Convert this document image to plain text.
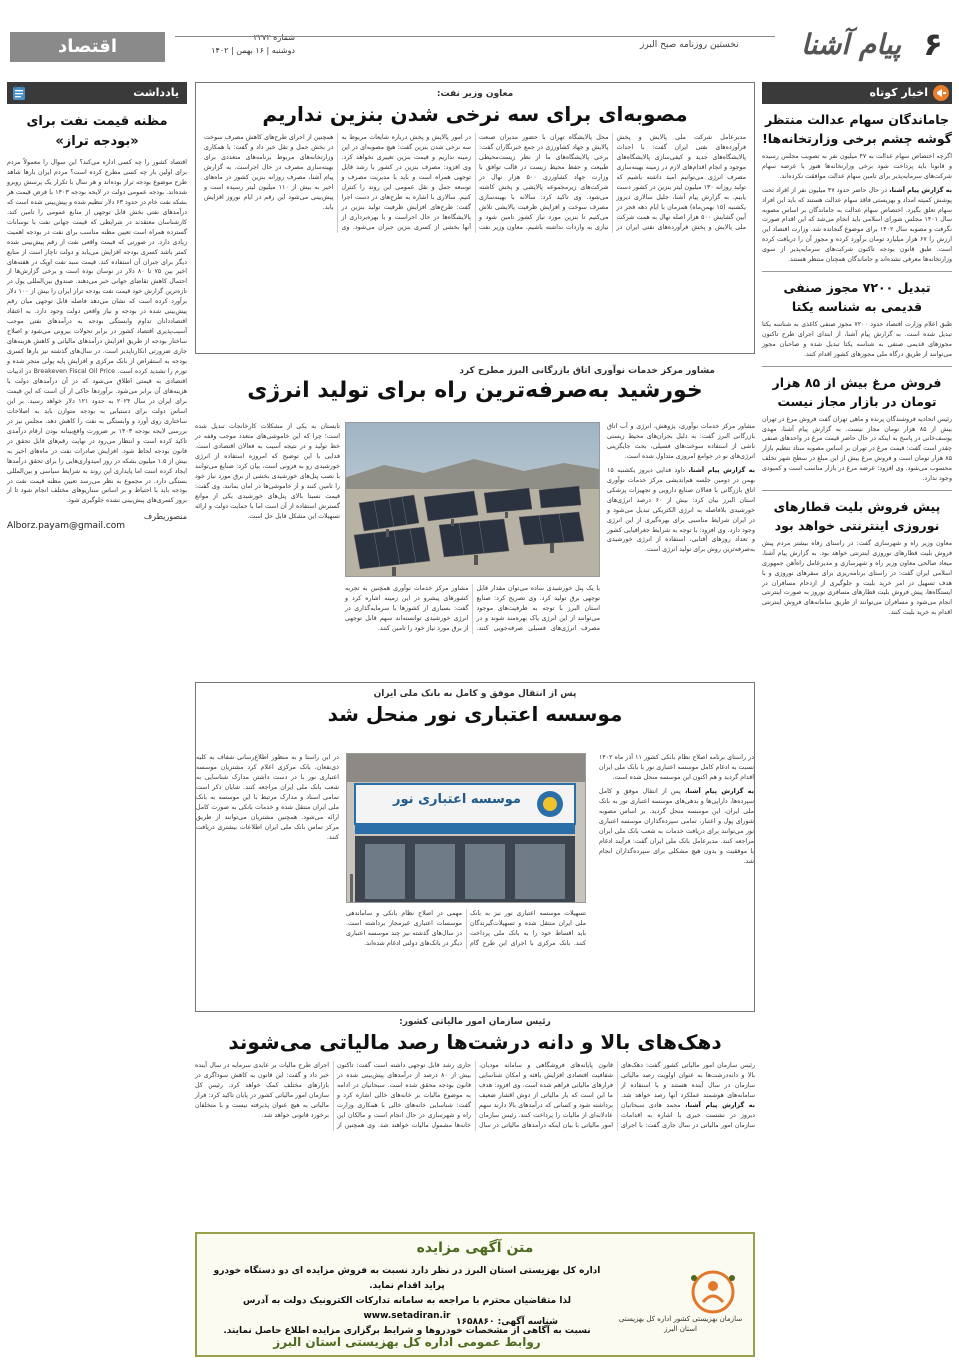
اقتصاد	شماره ۲۲۷۲
دوشنبه | ۱۶ بهمن | ۱۴۰۲
نخستین روزنامه صبح البرز	پیام آشنا ۶
اخبار کوتاه
جاماندگان سهام عدالت منتظر گوشه چشم برخی وزارتخانه‌ها!
اگرچه اختصاص سهام عدالت به ۴۷ میلیون نفر به تصویب مجلس رسیده و قانونا باید پرداخت شود برخی وزارتخانه‌ها هنوز با عرضه سهام شرکت‌های سرمایه‌پذیر برای تامین سهام عدالت موافقت نکرده‌اند.
به گزارش پیام آشنا، در حال حاضر حدود ۴۷ میلیون نفر از افراد تحت پوشش کمیته امداد و بهزیستی فاقد سهام عدالت هستند که باید این افراد سهام تعلق بگیرد. اختصاص سهام عدالت به جاماندگان بر اساس مصوبه سال ۱۴۰۱ مجلس شورای اسلامی باید انجام می‌شد که این اقدام صورت نگرفت و مصوبه سال ۱۴۰۲ برای موضوع گنجانده شد. وزارت اقتصاد این ارزش را ۶۷ هزار میلیارد تومان برآورد کرده و مجوز آن را دریافت کرده است. طبق قانون بودجه تاکنون شرکت‌های سرمایه‌پذیر از سوی وزارتخانه‌ها معرفی نشده‌اند و جاماندگان همچنان منتظر هستند.
تبدیل ۷۲۰۰ مجوز صنفی قدیمی به شناسه یکتا
طبق اعلام وزارت اقتصاد حدود ۷۲۰۰ مجوز صنفی کاغذی به شناسه یکتا تبدیل شده است. به گزارش پیام آشنا، از ابتدای اجرای طرح تاکنون مجوزهای قدیمی صنفی به شناسه یکتا تبدیل شده و صاحبان مجوز می‌توانند از طریق درگاه ملی مجوزهای کشور اقدام کنند.
فروش مرغ بیش از ۸۵ هزار تومان در بازار مجاز نیست
رئیس اتحادیه فروشندگان پرنده و ماهی تهران گفت فروش مرغ در تهران بیش از ۸۵ هزار تومان مجاز نیست. به گزارش پیام آشنا، مهدی یوسف‌خانی در پاسخ به اینکه در حال حاضر قیمت مرغ در واحدهای صنفی چقدر است گفت: قیمت مرغ در تهران بر اساس مصوبه ستاد تنظیم بازار ۸۵ هزار تومان است و فروش مرغ بیش از این مبلغ در سطح شهر تخلف محسوب می‌شود. وی افزود: عرضه مرغ در بازار مناسب است و کمبودی وجود ندارد.
پیش فروش بلیت قطارهای نوروزی اینترنتی خواهد بود
معاون وزیر راه و شهرسازی گفت: در راستای رفاه بیشتر مردم پیش فروش بلیت قطارهای نوروزی اینترنتی خواهد بود. به گزارش پیام آشنا، میعاد صالحی معاون وزیر راه و شهرسازی و مدیرعامل راه‌آهن جمهوری اسلامی ایران گفت: در راستای برنامه‌ریزی برای سفرهای نوروزی و با هدف تسهیل در امر خرید بلیت و جلوگیری از ازدحام مسافران در ایستگاه‌ها، پیش فروش بلیت قطارهای مسافری نوروز به صورت اینترنتی انجام می‌شود و مسافران می‌توانند از طریق سامانه‌های فروش اینترنتی اقدام به خرید بلیت کنند.
یادداشت
مظنه قیمت نفت برای «بودجه تراز»
اقتصاد کشور را چه کسی اداره می‌کند؟ این سوال را معمولاً مردم برای اولین بار چه کسی مطرح کرده است؟ مردم ایران بارها شاهد طرح موضوع بودجه تراز بوده‌اند و هر سال با تکرار یک پرسش روبرو شده‌اند. بودجه عمومی دولت در لایحه بودجه ۱۴۰۳ با فرض قیمت هر بشکه نفت خام در حدود ۶۳ دلار تنظیم شده و پیش‌بینی شده است که درآمدهای نفتی بخش قابل توجهی از منابع عمومی را تامین کند. کارشناسان معتقدند در شرایطی که قیمت جهانی نفت با نوسانات گسترده همراه است تعیین مظنه مناسب برای نفت در بودجه اهمیت زیادی دارد. در صورتی که قیمت واقعی نفت از رقم پیش‌بینی شده کمتر باشد کسری بودجه افزایش می‌یابد و دولت ناچار است از منابع دیگر برای جبران آن استفاده کند. قیمت سبد نفت اوپک در هفته‌های اخیر بین ۷۵ تا ۸۰ دلار در نوسان بوده است و برخی گزارش‌ها از احتمال کاهش تقاضای جهانی خبر می‌دهند. صندوق بین‌المللی پول در تازه‌ترین گزارش خود قیمت نفت بودجه تراز ایران را بیش از ۱۰۰ دلار برآورد کرده است که نشان می‌دهد فاصله قابل توجهی میان رقم پیش‌بینی شده در بودجه و نیاز واقعی دولت وجود دارد. به اعتقاد اقتصاددانان تداوم وابستگی بودجه به درآمدهای نفتی موجب آسیب‌پذیری اقتصاد کشور در برابر تحولات بیرونی می‌شود و اصلاح ساختار بودجه از طریق افزایش درآمدهای مالیاتی و کاهش هزینه‌های جاری ضرورتی انکارناپذیر است. در سال‌های گذشته نیز بارها کسری بودجه به استقراض از بانک مرکزی و افزایش پایه پولی منجر شده و تورم را تشدید کرده است. Breakeven Fiscal Oil Price در ادبیات اقتصادی به قیمتی اطلاق می‌شود که در آن درآمدهای دولت با هزینه‌های آن برابر می‌شود. برآوردها حاکی از آن است که این قیمت برای ایران در سال ۲۰۲۴ به حدود ۱۲۱ دلار خواهد رسید. بر این اساس دولت برای دستیابی به بودجه متوازن باید به اصلاحات ساختاری روی آورد و وابستگی به نفت را کاهش دهد. مجلس نیز در بررسی لایحه بودجه ۱۴۰۳ بر ضرورت واقع‌بینانه بودن ارقام درآمدی تاکید کرده است و انتظار می‌رود در نهایت رقم‌های قابل تحقق در قانون بودجه لحاظ شود. افزایش صادرات نفت در ماه‌های اخیر به بیش از ۱.۵ میلیون بشکه در روز امیدواری‌هایی را برای تحقق درآمدها ایجاد کرده است اما پایداری این روند به شرایط سیاسی و بین‌المللی بستگی دارد. در مجموع به نظر می‌رسد تعیین مظنه قیمت نفت در بودجه باید با احتیاط و بر اساس سناریوهای مختلف انجام شود تا از بروز کسری‌های پیش‌بینی نشده جلوگیری شود.
منصوریطرف
Alborz.payam@gmail.com
معاون وزیر نفت:
مصوبه‌ای برای سه نرخی شدن بنزین نداریم
مدیرعامل شرکت ملی پالایش و پخش فرآورده‌های نفتی ایران گفت: با احداث پالایشگاه‌های جدید و کیفی‌سازی پالایشگاه‌های موجود و انجام اقدام‌های لازم در زمینه بهینه‌سازی مصرف انرژی می‌توانیم امید داشته باشیم که تولید روزانه ۱۳۰ میلیون لیتر بنزین در کشور دست یابیم. به گزارش پیام آشنا، جلیل سالاری دیروز یکشنبه (۱۵ بهمن‌ماه) همزمان با ایام دهه فجر در آیین گشایش ۵۰۰ هزار اصله نهال به همت شرکت ملی پالایش و پخش فرآورده‌های نفتی ایران در محل پالایشگاه تهران با حضور مدیران صنعت پالایش و جهاد کشاورزی در جمع خبرنگاران گفت: برخی پالایشگاه‌های ما از نظر زیست‌محیطی طبیعت و حفظ محیط زیست در قالب توافق با وزارت جهاد کشاورزی ۵۰۰ هزار نهال در شرکت‌های زیرمجموعه پالایشی و پخش کاشته می‌شود. وی تاکید کرد: سالانه با بهینه‌سازی مصرف سوخت و افزایش ظرفیت پالایشی تلاش می‌کنیم تا بنزین مورد نیاز کشور تامین شود و نیازی به واردات نداشته باشیم. معاون وزیر نفت در امور پالایش و پخش درباره شایعات مربوط به سه نرخی شدن بنزین گفت: هیچ مصوبه‌ای در این زمینه نداریم و قیمت بنزین تغییری نخواهد کرد. وی افزود: مصرف بنزین در کشور با رشد قابل توجهی همراه است و باید با مدیریت مصرف و توسعه حمل و نقل عمومی این روند را کنترل کنیم. سالاری با اشاره به طرح‌های در دست اجرا گفت: طرح‌های افزایش ظرفیت تولید بنزین در پالایشگاه‌ها در حال اجراست و با بهره‌برداری از آنها بخشی از کسری بنزین جبران می‌شود. وی همچنین از اجرای طرح‌های کاهش مصرف سوخت در بخش حمل و نقل خبر داد و گفت: با همکاری وزارتخانه‌های مربوط برنامه‌های متعددی برای بهینه‌سازی مصرف در حال اجراست. به گزارش پیام آشنا، مصرف روزانه بنزین کشور در ماه‌های اخیر به بیش از ۱۱۰ میلیون لیتر رسیده است و پیش‌بینی می‌شود این رقم در ایام نوروز افزایش یابد.
مشاور مرکز خدمات نوآوری اتاق بازرگانی البرز مطرح کرد
خورشید به‌صرفه‌ترین راه برای تولید انرژی
مشاور مرکز خدمات نوآوری، پژوهش، انرژی و آب اتاق بازرگانی البرز گفت: به دلیل بحران‌های محیط زیستی ناشی از استفاده سوخت‌های فسیلی، بحث جایگزینی انرژی‌های نو در جوامع امروزی متداول شده است.
به گزارش پیام آشنا، داود فدایی دیروز یکشنبه ۱۵ بهمن در دومین جلسه هم‌اندیشی مرکز خدمات نوآوری اتاق بازرگانی با فعالان صنایع دارویی و تجهیزات پزشکی استان البرز بیان کرد: بیش از ۶۰ درصد انرژی‌های خورشیدی بلافاصله به انرژی الکتریکی تبدیل می‌شود و در ایران شرایط مناسبی برای بهره‌گیری از این انرژی وجود دارد. وی افزود: با توجه به شرایط جغرافیایی کشور و تعداد روزهای آفتابی، استفاده از انرژی خورشیدی به‌صرفه‌ترین روش برای تولید انرژی است.
با یک پنل خورشیدی ساده می‌توان مقدار قابل توجهی برق تولید کرد. وی تصریح کرد: صنایع استان البرز با توجه به ظرفیت‌های موجود می‌توانند از این انرژی پاک بهره‌مند شوند و در مصرف انرژی‌های فسیلی صرفه‌جویی کنند. مشاور مرکز خدمات نوآوری همچنین به تجربه کشورهای پیشرو در این زمینه اشاره کرد و گفت: بسیاری از کشورها با سرمایه‌گذاری در انرژی خورشیدی توانسته‌اند سهم قابل توجهی از برق مورد نیاز خود را تامین کنند.
تابستان به یکی از مشکلات کارخانجات تبدیل شده است؛ چرا که این خاموشی‌های متعدد موجب وقفه در خط تولید و در نتیجه آسیب به فعالان اقتصادی است. فدایی با این توضیح که امروزه استفاده از انرژی خورشیدی رو به فزونی است، بیان کرد: صنایع می‌توانند با نصب پنل‌های خورشیدی بخشی از برق مورد نیاز خود را تامین کنند و از خاموشی‌ها در امان بمانند. وی گفت: قیمت نسبتا بالای پنل‌های خورشیدی یکی از موانع گسترش استفاده از آن است اما با حمایت دولت و ارائه تسهیلات این مشکل قابل حل است.
پس از انتقال موفق و کامل به بانک ملی ایران
موسسه اعتباری نور منحل شد
در راستای برنامه اصلاح نظام بانکی کشور ۱۱ آذر ماه ۱۴۰۲ نسبت به ادغام کامل موسسه اعتباری نور با بانک ملی ایران اقدام گردید و هم اکنون این موسسه منحل شده است.
به گزارش پیام آشنا، پس از انتقال موفق و کامل سپرده‌ها، دارایی‌ها و بدهی‌های موسسه اعتباری نور به بانک ملی ایران، این موسسه منحل گردید. بر اساس مصوبه شورای پول و اعتبار، تمامی سپرده‌گذاران موسسه اعتباری نور می‌توانند برای دریافت خدمات به شعب بانک ملی ایران مراجعه کنند. مدیرعامل بانک ملی ایران گفت: فرآیند ادغام با موفقیت و بدون هیچ مشکلی برای سپرده‌گذاران انجام شد.
موسسه اعتباری نور
تسهیلات موسسه اعتباری نور نیز به بانک ملی ایران منتقل شده و تسهیلات‌گیرندگان باید اقساط خود را به بانک ملی پرداخت کنند. بانک مرکزی با اجرای این طرح گام مهمی در اصلاح نظام بانکی و ساماندهی موسسات اعتباری غیرمجاز برداشته است. در سال‌های گذشته نیز چند موسسه اعتباری دیگر در بانک‌های دولتی ادغام شده‌اند.
در این راستا و به منظور اطلاع‌رسانی شفاف به کلیه ذی‌نفعان، بانک مرکزی اعلام کرد مشتریان موسسه اعتباری نور با در دست داشتن مدارک شناسایی به شعب بانک ملی ایران مراجعه کنند. شایان ذکر است تمامی اسناد و مدارک مرتبط با این موسسه به بانک ملی ایران منتقل شده و خدمات بانکی به صورت کامل ارائه می‌شود. همچنین مشتریان می‌توانند از طریق مرکز تماس بانک ملی ایران اطلاعات بیشتری دریافت کنند.
رئیس سازمان امور مالیاتی کشور:
دهک‌های بالا و دانه درشت‌ها رصد مالیاتی می‌شوند
رئیس سازمان امور مالیاتی کشور گفت: دهک‌های بالا و دانه‌درشت‌ها به عنوان اولویت رصد مالیاتی سازمان در سال آینده هستند و با استفاده از سامانه‌های هوشمند عملکرد آنها رصد خواهد شد. به گزارش پیام آشنا، محمد هادی سبحانیان دیروز در نشست خبری با اشاره به اقدامات سازمان امور مالیاتی در سال جاری گفت: با اجرای قانون پایانه‌های فروشگاهی و سامانه مودیان، شفافیت اقتصادی افزایش یافته و امکان شناسایی فرارهای مالیاتی فراهم شده است. وی افزود: هدف ما این است که بار مالیاتی از دوش اقشار ضعیف برداشته شود و کسانی که درآمدهای بالا دارند سهم عادلانه‌ای از مالیات را پرداخت کنند. رئیس سازمان امور مالیاتی با بیان اینکه درآمدهای مالیاتی در سال جاری رشد قابل توجهی داشته است گفت: تاکنون بیش از ۸۰ درصد از درآمدهای پیش‌بینی شده در قانون بودجه محقق شده است. سبحانیان در ادامه به موضوع مالیات بر خانه‌های خالی اشاره کرد و گفت: شناسایی خانه‌های خالی با همکاری وزارت راه و شهرسازی در حال انجام است و مالکان این خانه‌ها مشمول مالیات خواهند شد. وی همچنین از اجرای طرح مالیات بر عایدی سرمایه در سال آینده خبر داد و گفت: این قانون به کاهش سوداگری در بازارهای مختلف کمک خواهد کرد. رئیس کل سازمان امور مالیاتی کشور در پایان تاکید کرد: فرار مالیاتی به هیچ عنوان پذیرفته نیست و با متخلفان برخورد قانونی خواهد شد.
متن آگهی مزایده
اداره کل بهزیستی استان البرز در نظر دارد نسبت به فروش مزایده ای دو دستگاه خودرو پراید اقدام نماید.
لذا متقاضیان محترم با مراجعه به سامانه تدارکات الکترونیک دولت به آدرس www.setadiran.ir
نسبت به آگاهی از مشخصات خودروها و شرایط برگزاری مزایده اطلاع حاصل نمایند.
شناسه آگهی: ۱۶۵۸۸۶۰
روابط عمومی اداره کل بهزیستی استان البرز
سازمان بهزیستی کشور اداره کل بهزیستی استان البرز
